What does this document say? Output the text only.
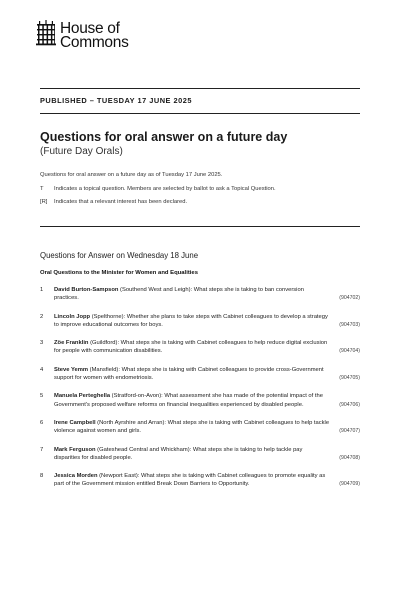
House of
Commons
PUBLISHED – TUESDAY 17 JUNE 2025
Questions for oral answer on a future day
(Future Day Orals)
Questions for oral answer on a future day as of Tuesday 17 June 2025.
T	Indicates a topical question. Members are selected by ballot to ask a Topical Question.
[R]	Indicates that a relevant interest has been declared.
Questions for Answer on Wednesday 18 June
Oral Questions to the Minister for Women and Equalities
1	David Burton-Sampson (Southend West and Leigh): What steps she is taking to ban conversion practices.	(904702)
2	Lincoln Jopp (Spelthorne): Whether she plans to take steps with Cabinet colleagues to develop a strategy to improve educational outcomes for boys.	(904703)
3	Zöe Franklin (Guildford): What steps she is taking with Cabinet colleagues to help reduce digital exclusion for people with communication disabilities.	(904704)
4	Steve Yemm (Mansfield): What steps she is taking with Cabinet colleagues to provide cross-Government support for women with endometriosis.	(904705)
5	Manuela Perteghella (Stratford-on-Avon): What assessment she has made of the potential impact of the Government's proposed welfare reforms on financial inequalities experienced by disabled people.	(904706)
6	Irene Campbell (North Ayrshire and Arran): What steps she is taking with Cabinet colleagues to help tackle violence against women and girls.	(904707)
7	Mark Ferguson (Gateshead Central and Whickham): What steps she is taking to help tackle pay disparities for disabled people.	(904708)
8	Jessica Morden (Newport East): What steps she is taking with Cabinet colleagues to promote equality as part of the Government mission entitled Break Down Barriers to Opportunity.	(904709)
